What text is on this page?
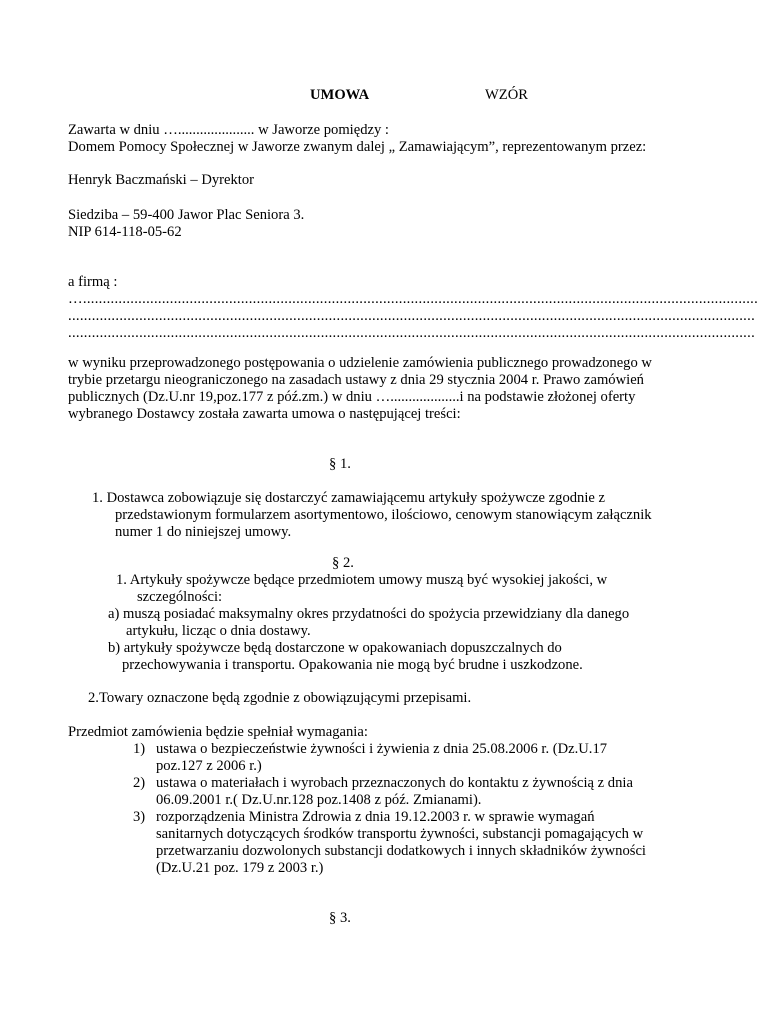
UMOWA	WZÓR
Zawarta w dniu …..................... w Jaworze pomiędzy :
Domem Pomocy Społecznej w Jaworze zwanym dalej „ Zamawiającym”, reprezentowanym przez:
Henryk Baczmański – Dyrektor
Siedziba – 59-400 Jawor Plac Seniora 3.
NIP 614-118-05-62
a firmą :
…...........................................................................................................................................................................
..............................................................................................................................................................................
..............................................................................................................................................................................
w wyniku przeprowadzonego postępowania o udzielenie zamówienia publicznego prowadzonego w
trybie przetargu nieograniczonego na zasadach ustawy z dnia 29 stycznia 2004 r. Prawo zamówień
publicznych (Dz.U.nr 19,poz.177 z póź.zm.) w dniu …...................i na podstawie złożonej oferty
wybranego Dostawcy została zawarta umowa o następującej treści:
§ 1.
1. Dostawca zobowiązuje się dostarczyć zamawiającemu artykuły spożywcze zgodnie z
przedstawionym formularzem asortymentowo, ilościowo, cenowym stanowiącym załącznik
numer 1 do niniejszej umowy.
§ 2.
1. Artykuły spożywcze będące przedmiotem umowy muszą być wysokiej jakości, w
szczególności:
a) muszą posiadać maksymalny okres przydatności do spożycia przewidziany dla danego
artykułu, licząc o dnia dostawy.
b) artykuły spożywcze będą dostarczone w opakowaniach dopuszczalnych do
przechowywania i transportu. Opakowania nie mogą być brudne i uszkodzone.
2.Towary oznaczone będą zgodnie z obowiązującymi przepisami.
Przedmiot zamówienia będzie spełniał wymagania:
1) ustawa o bezpieczeństwie żywności i żywienia z dnia 25.08.2006 r. (Dz.U.17
poz.127 z 2006 r.)
2) ustawa o materiałach i wyrobach przeznaczonych do kontaktu z żywnością z dnia
06.09.2001 r.( Dz.U.nr.128 poz.1408 z póź. Zmianami).
3) rozporządzenia Ministra Zdrowia z dnia 19.12.2003 r. w sprawie wymagań
sanitarnych dotyczących środków transportu żywności, substancji pomagających w
przetwarzaniu dozwolonych substancji dodatkowych i innych składników żywności
(Dz.U.21 poz. 179 z 2003 r.)
§ 3.
